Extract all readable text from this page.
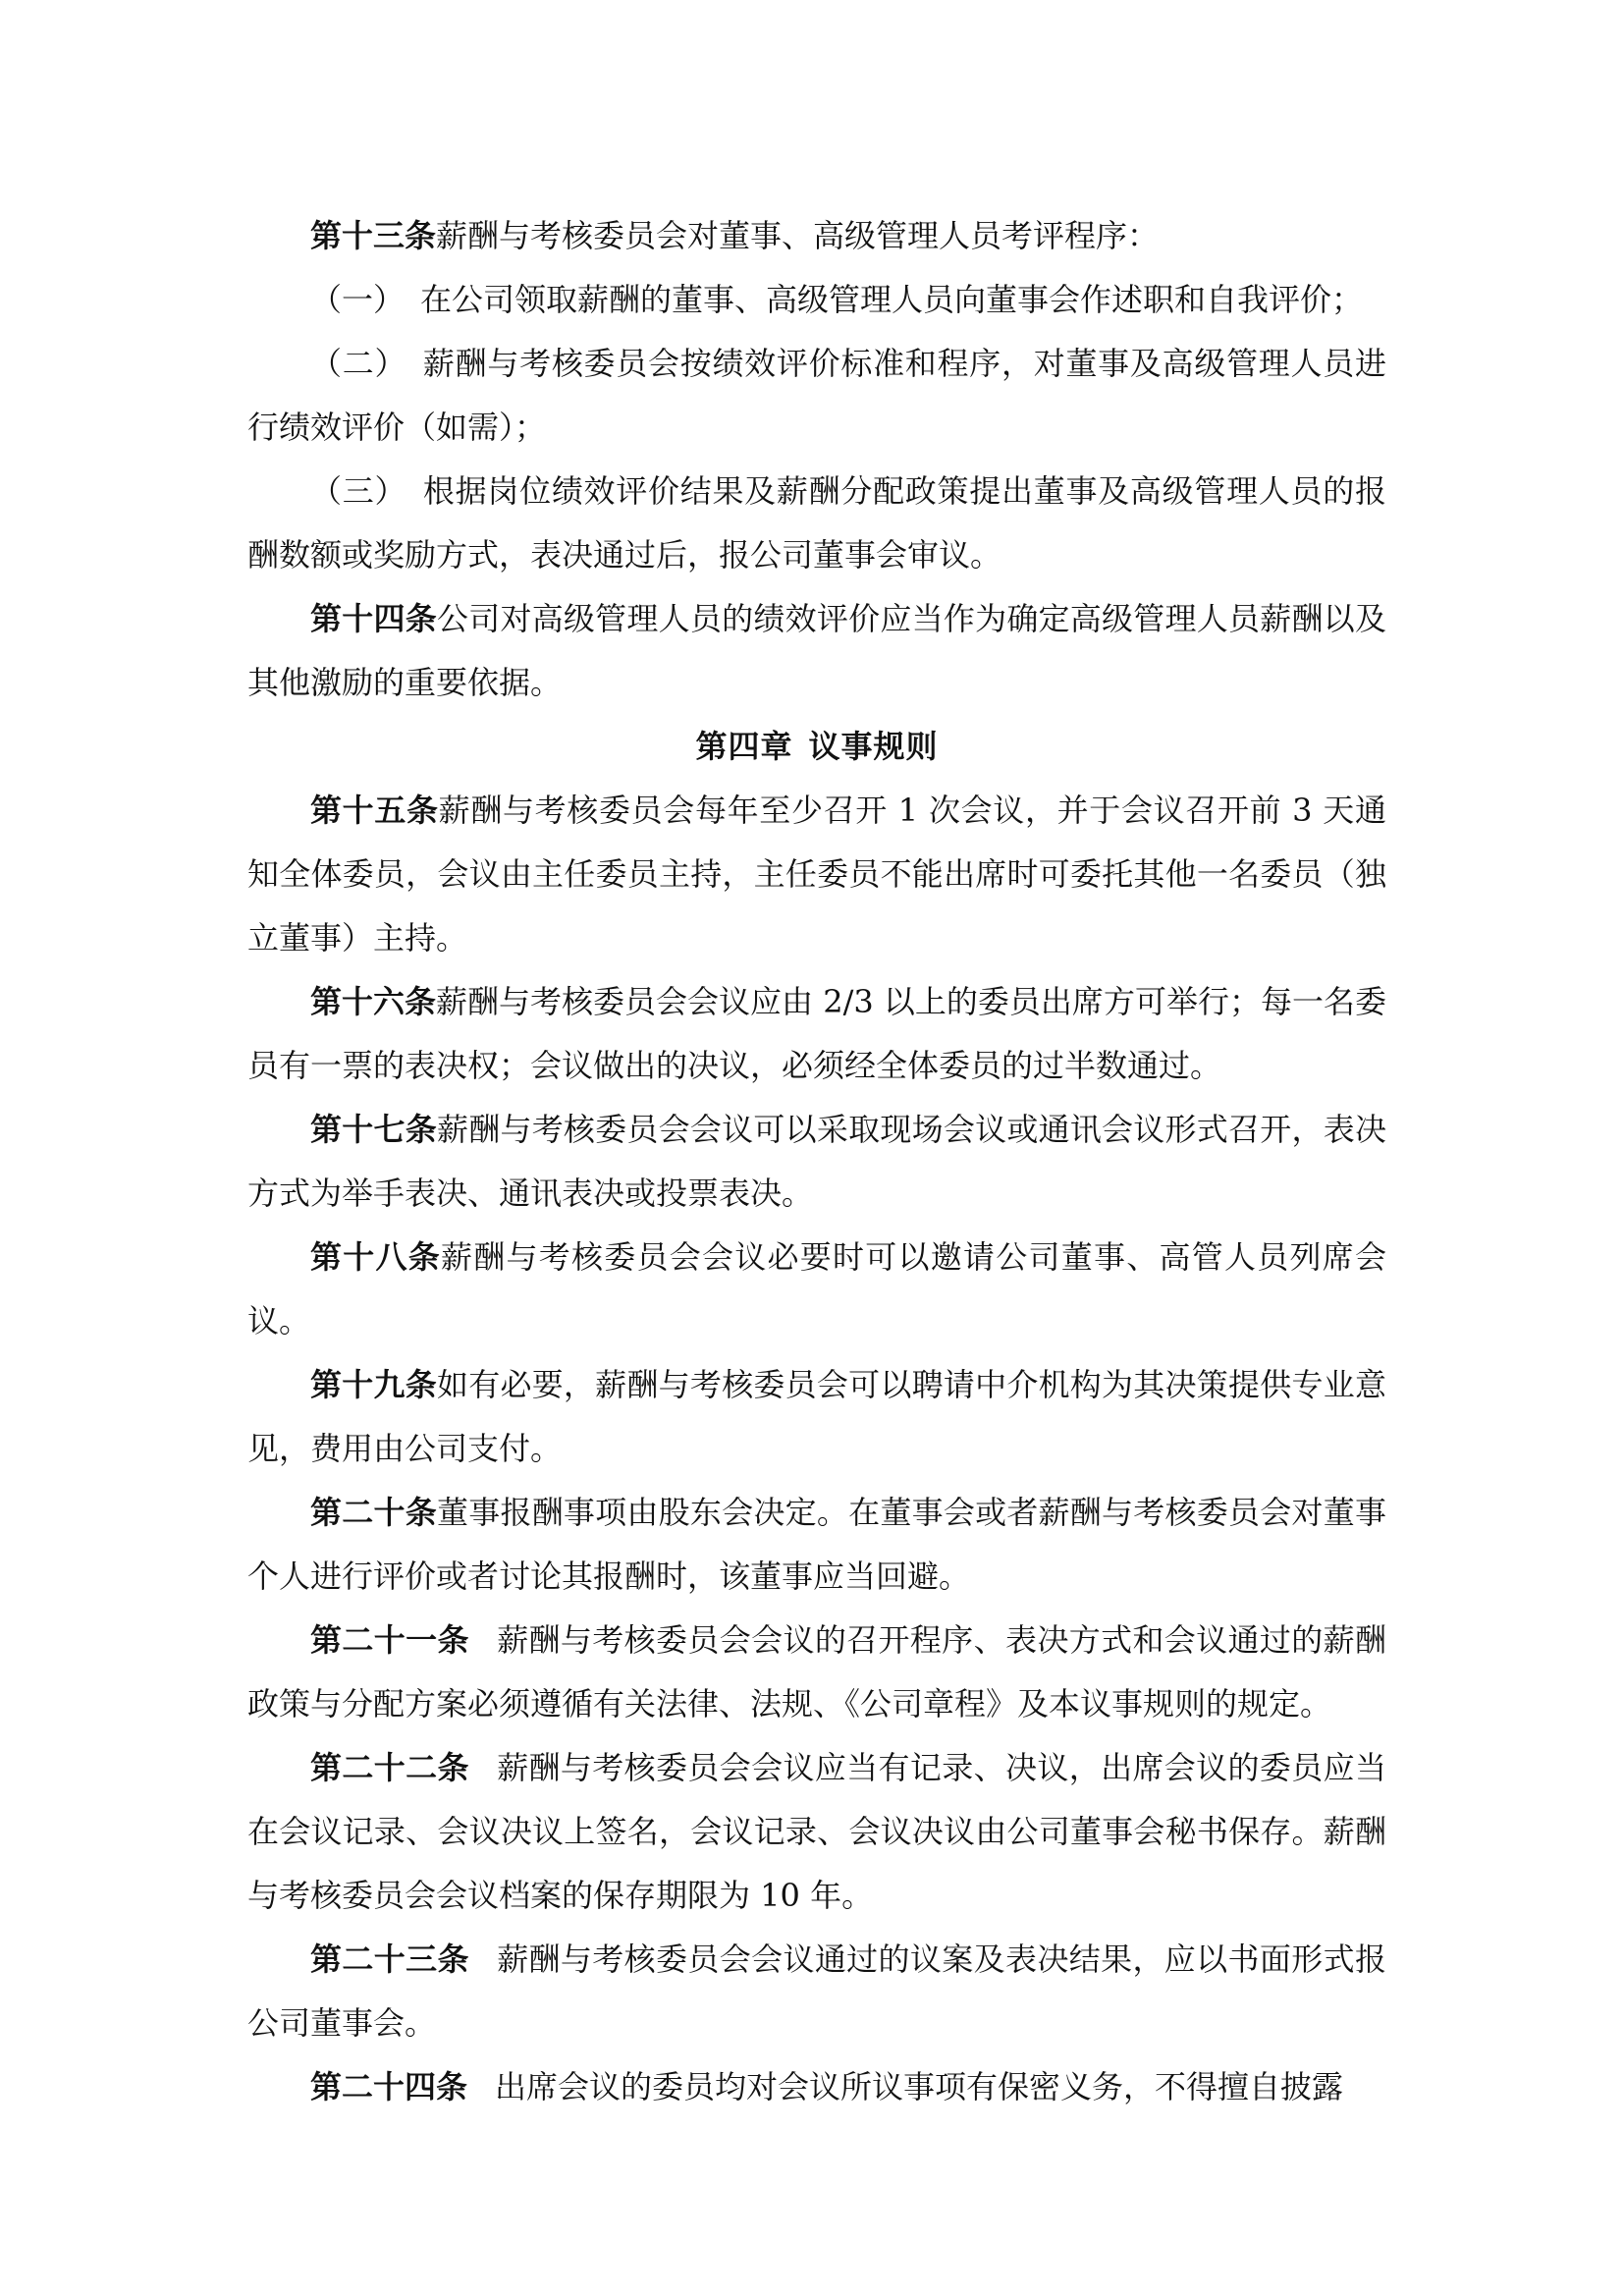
第十三条薪酬与考核委员会对董事、高级管理人员考评程序：

（一） 在公司领取薪酬的董事、高级管理人员向董事会作述职和自我评价；

（二） 薪酬与考核委员会按绩效评价标准和程序，对董事及高级管理人员进行绩效评价（如需）；

（三） 根据岗位绩效评价结果及薪酬分配政策提出董事及高级管理人员的报酬数额或奖励方式，表决通过后，报公司董事会审议。

第十四条公司对高级管理人员的绩效评价应当作为确定高级管理人员薪酬以及其他激励的重要依据。

第四章 议事规则

第十五条薪酬与考核委员会每年至少召开 1 次会议，并于会议召开前 3 天通知全体委员，会议由主任委员主持，主任委员不能出席时可委托其他一名委员（独立董事）主持。

第十六条薪酬与考核委员会会议应由 2/3 以上的委员出席方可举行；每一名委员有一票的表决权；会议做出的决议，必须经全体委员的过半数通过。

第十七条薪酬与考核委员会会议可以采取现场会议或通讯会议形式召开，表决方式为举手表决、通讯表决或投票表决。

第十八条薪酬与考核委员会会议必要时可以邀请公司董事、高管人员列席会议。

第十九条如有必要，薪酬与考核委员会可以聘请中介机构为其决策提供专业意见，费用由公司支付。

第二十条董事报酬事项由股东会决定。在董事会或者薪酬与考核委员会对董事个人进行评价或者讨论其报酬时，该董事应当回避。

第二十一条 薪酬与考核委员会会议的召开程序、表决方式和会议通过的薪酬政策与分配方案必须遵循有关法律、法规、《公司章程》及本议事规则的规定。

第二十二条 薪酬与考核委员会会议应当有记录、决议，出席会议的委员应当在会议记录、会议决议上签名，会议记录、会议决议由公司董事会秘书保存。薪酬与考核委员会会议档案的保存期限为 10 年。

第二十三条 薪酬与考核委员会会议通过的议案及表决结果，应以书面形式报公司董事会。

第二十四条 出席会议的委员均对会议所议事项有保密义务，不得擅自披露
